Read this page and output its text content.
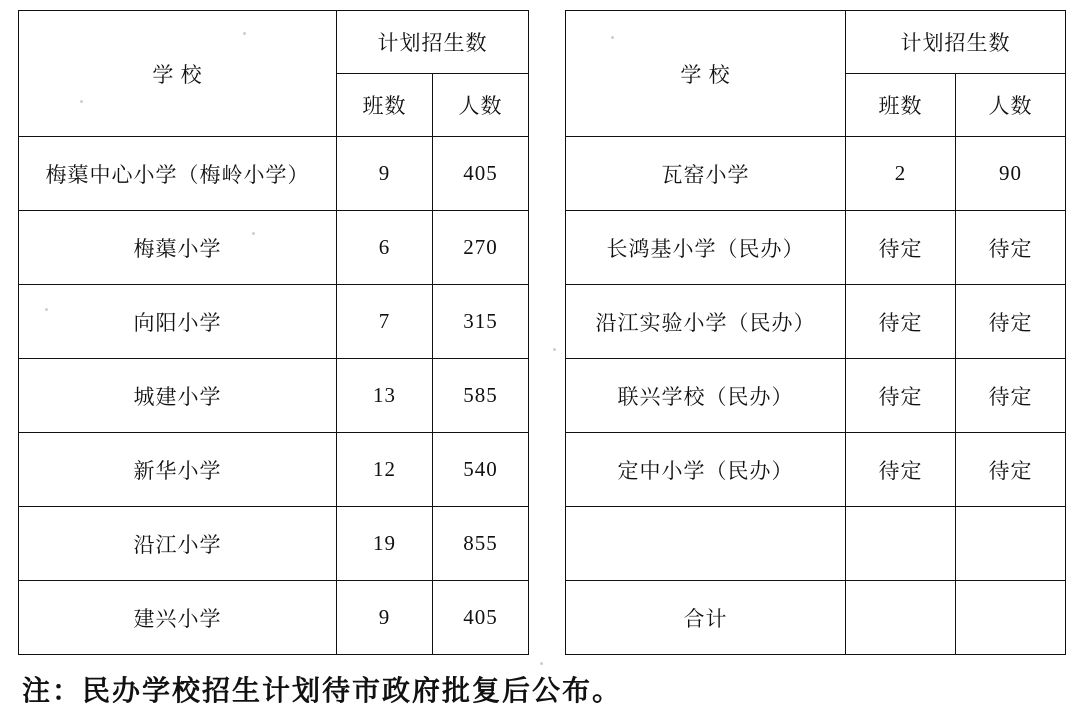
学 校	计划招生数	
	班数	人数
梅蕖中心小学（梅岭小学）	9	405
梅蕖小学	6	270
向阳小学	7	315
城建小学	13	585
新华小学	12	540
沿江小学	19	855
建兴小学	9	405
学 校	计划招生数	
	班数	人数
瓦窑小学	2	90
长鸿基小学（民办）	待定	待定
沿江实验小学（民办）	待定	待定
联兴学校（民办）	待定	待定
定中小学（民办）	待定	待定

合计		
注：民办学校招生计划待市政府批复后公布。
